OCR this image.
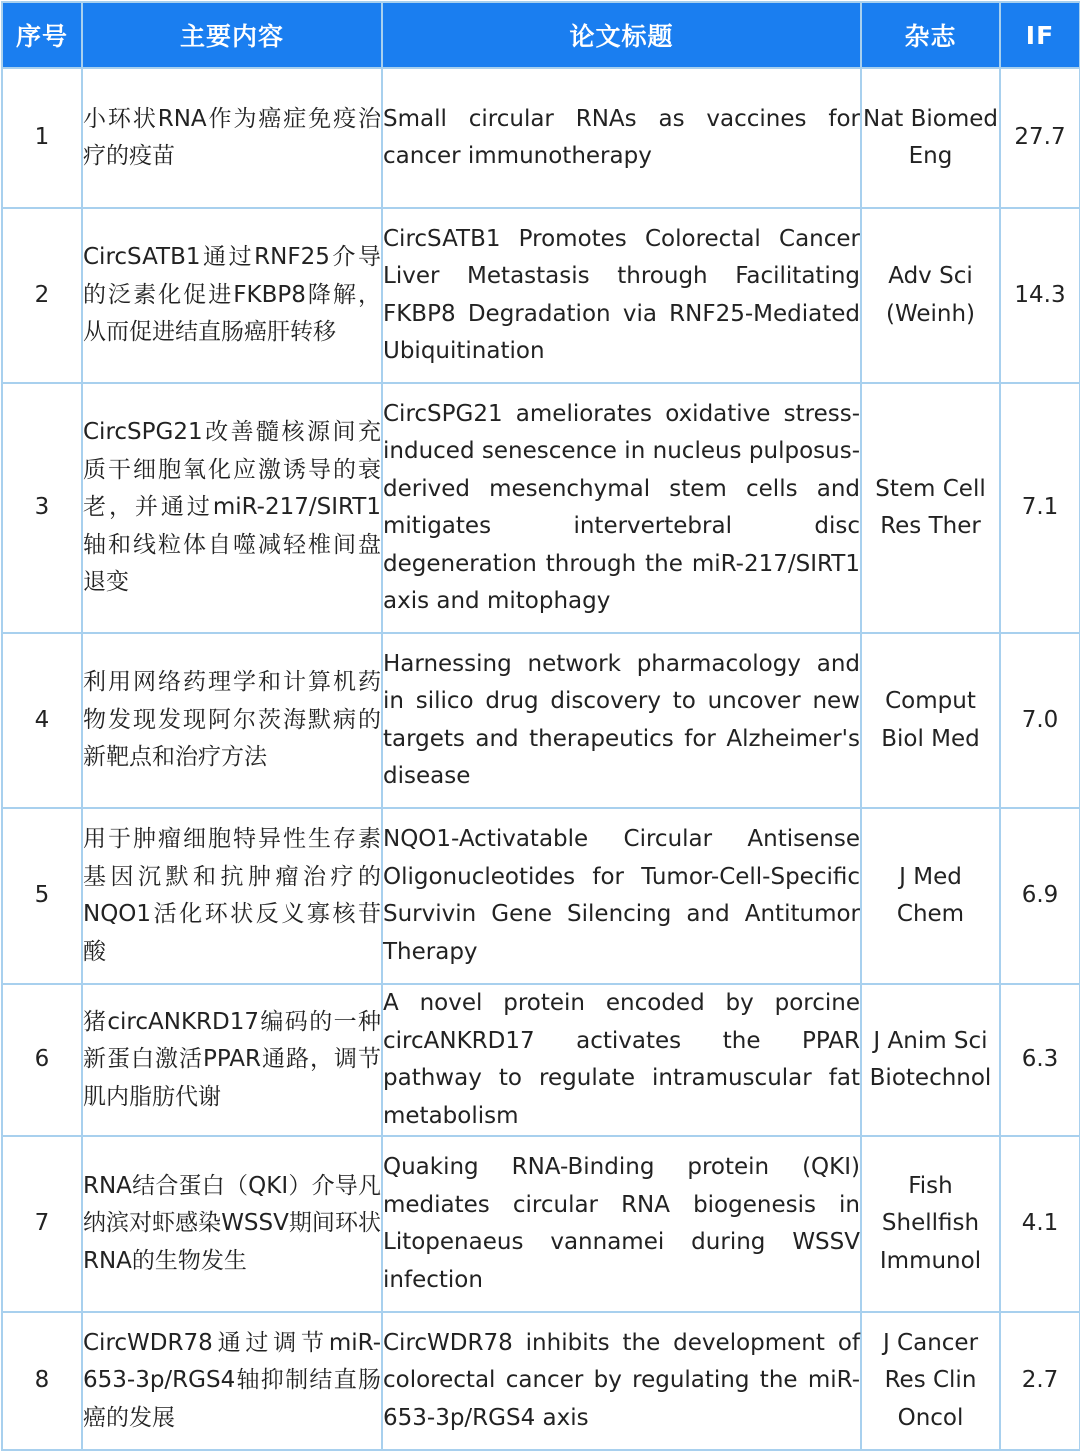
序号	主要内容	论文标题	杂志	IF
1	小环状RNA作为癌症免疫治疗的疫苗	Small circular RNAs as vaccines for cancer immunotherapy	Nat Biomed Eng	27.7
2	CircSATB1通过RNF25介导的泛素化促进FKBP8降解，从而促进结直肠癌肝转移	CircSATB1 Promotes Colorectal Cancer Liver Metastasis through Facilitating FKBP8 Degradation via RNF25-Mediated Ubiquitination	Adv Sci (Weinh)	14.3
3	CircSPG21改善髓核源间充质干细胞氧化应激诱导的衰老，并通过miR-217/SIRT1轴和线粒体自噬减轻椎间盘退变	CircSPG21 ameliorates oxidative stress-induced senescence in nucleus pulposus-derived mesenchymal stem cells and mitigates intervertebral disc degeneration through the miR-217/SIRT1 axis and mitophagy	Stem Cell Res Ther	7.1
4	利用网络药理学和计算机药物发现发现阿尔茨海默病的新靶点和治疗方法	Harnessing network pharmacology and in silico drug discovery to uncover new targets and therapeutics for Alzheimer's disease	Comput Biol Med	7.0
5	用于肿瘤细胞特异性生存素基因沉默和抗肿瘤治疗的NQO1活化环状反义寡核苷酸	NQO1-Activatable Circular Antisense Oligonucleotides for Tumor-Cell-Specific Survivin Gene Silencing and Antitumor Therapy	J Med Chem	6.9
6	猪circANKRD17编码的一种新蛋白激活PPAR通路，调节肌内脂肪代谢	A novel protein encoded by porcine circANKRD17 activates the PPAR pathway to regulate intramuscular fat metabolism	J Anim Sci Biotechnol	6.3
7	RNA结合蛋白（QKI）介导凡纳滨对虾感染WSSV期间环状RNA的生物发生	Quaking RNA-Binding protein (QKI) mediates circular RNA biogenesis in Litopenaeus vannamei during WSSV infection	Fish Shellfish Immunol	4.1
8	CircWDR78通过调节miR-653-3p/RGS4轴抑制结直肠癌的发展	CircWDR78 inhibits the development of colorectal cancer by regulating the miR-653-3p/RGS4 axis	J Cancer Res Clin Oncol	2.7
